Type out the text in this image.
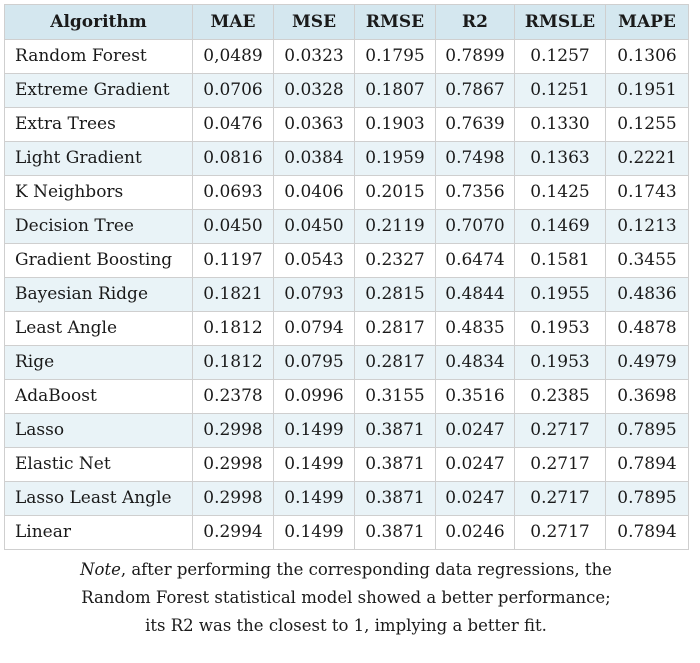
Algorithm	MAE	MSE	RMSE	R2	RMSLE	MAPE
Random Forest	0,0489	0.0323	0.1795	0.7899	0.1257	0.1306
Extreme Gradient	0.0706	0.0328	0.1807	0.7867	0.1251	0.1951
Extra Trees	0.0476	0.0363	0.1903	0.7639	0.1330	0.1255
Light Gradient	0.0816	0.0384	0.1959	0.7498	0.1363	0.2221
K Neighbors	0.0693	0.0406	0.2015	0.7356	0.1425	0.1743
Decision Tree	0.0450	0.0450	0.2119	0.7070	0.1469	0.1213
Gradient Boosting	0.1197	0.0543	0.2327	0.6474	0.1581	0.3455
Bayesian Ridge	0.1821	0.0793	0.2815	0.4844	0.1955	0.4836
Least Angle	0.1812	0.0794	0.2817	0.4835	0.1953	0.4878
Rige	0.1812	0.0795	0.2817	0.4834	0.1953	0.4979
AdaBoost	0.2378	0.0996	0.3155	0.3516	0.2385	0.3698
Lasso	0.2998	0.1499	0.3871	0.0247	0.2717	0.7895
Elastic Net	0.2998	0.1499	0.3871	0.0247	0.2717	0.7894
Lasso Least Angle	0.2998	0.1499	0.3871	0.0247	0.2717	0.7895
Linear	0.2994	0.1499	0.3871	0.0246	0.2717	0.7894
Note, after performing the corresponding data regressions, the
Random Forest statistical model showed a better performance;
its R2 was the closest to 1, implying a better fit.
